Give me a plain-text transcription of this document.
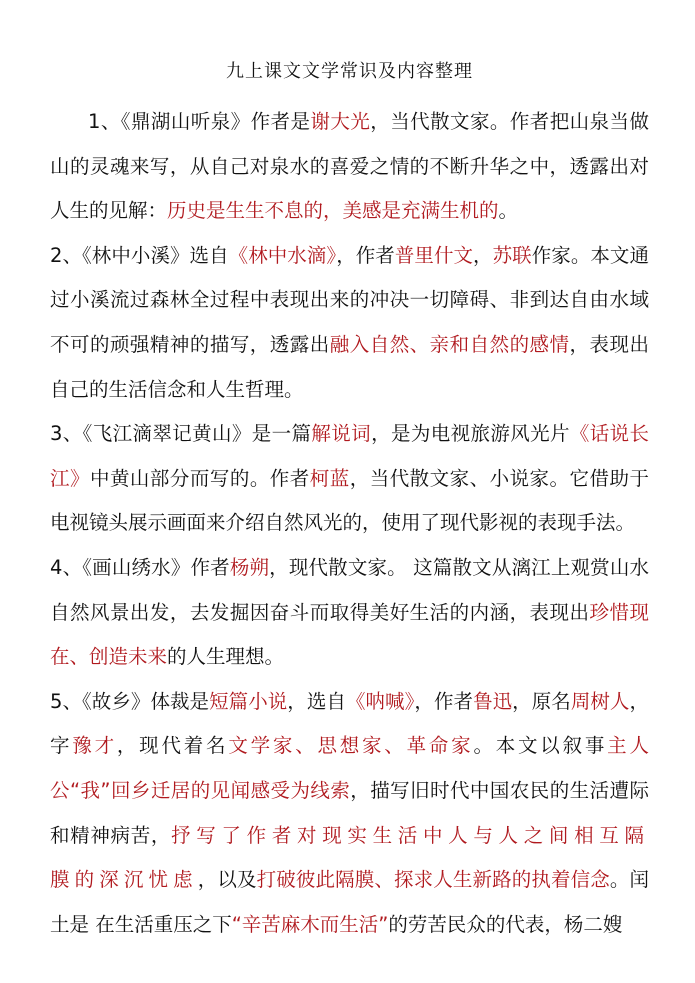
九上课文文学常识及内容整理

1、《鼎湖山听泉》作者是谢大光，当代散文家。作者把山泉当做山的灵魂来写，从自己对泉水的喜爱之情的不断升华之中，透露出对人生的见解：历史是生生不息的，美感是充满生机的。

2、《林中小溪》选自《林中水滴》，作者普里什文，苏联作家。本文通过小溪流过森林全过程中表现出来的冲决一切障碍、非到达自由水域不可的顽强精神的描写，透露出融入自然、亲和自然的感情，表现出自己的生活信念和人生哲理。

3、《飞江滴翠记黄山》是一篇解说词，是为电视旅游风光片《话说长江》中黄山部分而写的。作者柯蓝，当代散文家、小说家。它借助于电视镜头展示画面来介绍自然风光的，使用了现代影视的表现手法。

4、《画山绣水》作者杨朔，现代散文家。 这篇散文从漓江上观赏山水自然风景出发，去发掘因奋斗而取得美好生活的内涵，表现出珍惜现在、创造未来的人生理想。

5、《故乡》体裁是短篇小说，选自《呐喊》，作者鲁迅，原名周树人，字豫才，现代着名文学家、思想家、革命家。本文以叙事主人公“我”回乡迁居的见闻感受为线索，描写旧时代中国农民的生活遭际和精神病苦，抒写了作者对现实生活中人与人之间相互隔膜的深沉忧虑，以及打破彼此隔膜、探求人生新路的执着信念。闰土是 在生活重压之下“辛苦麻木而生活”的劳苦民众的代表，杨二嫂
